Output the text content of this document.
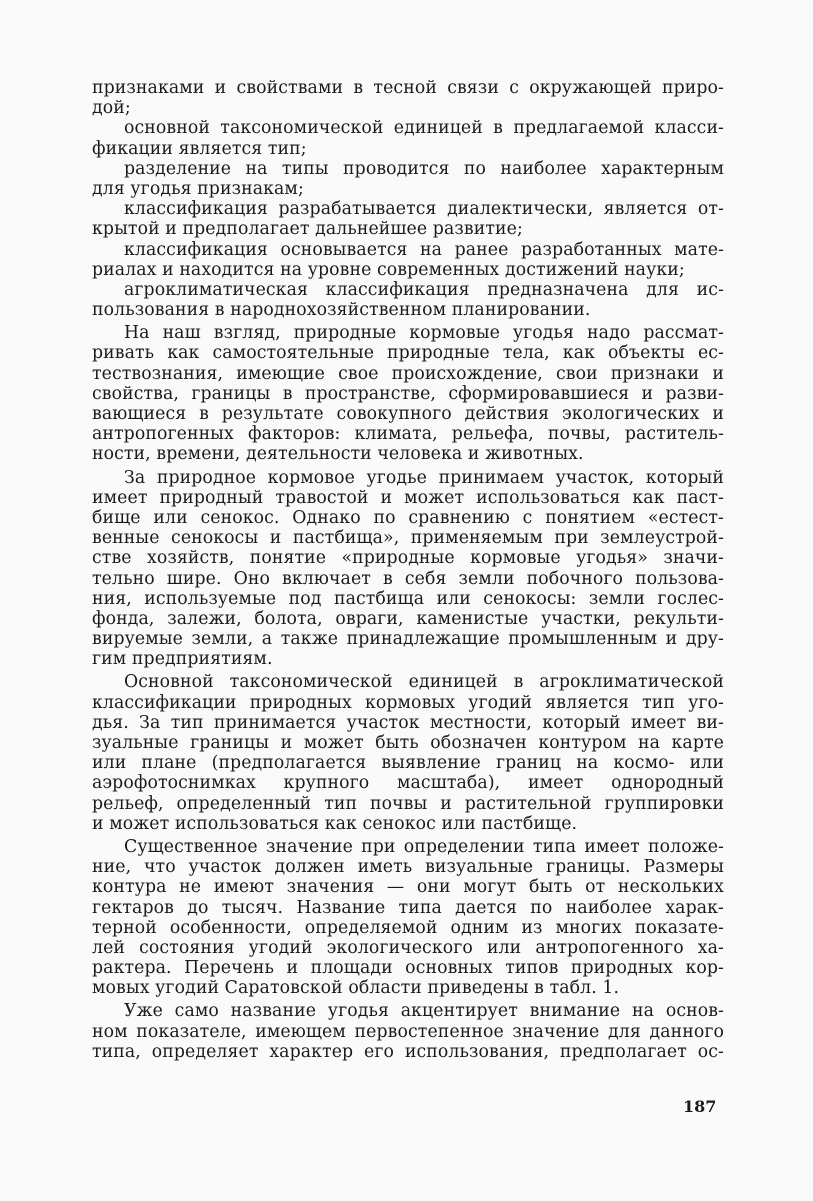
признаками и свойствами в тесной связи с окружающей приро-
дой;
основной таксономической единицей в предлагаемой класси-
фикации является тип;
разделение на типы проводится по наиболее характерным
для угодья признакам;
классификация разрабатывается диалектически, является от-
крытой и предполагает дальнейшее развитие;
классификация основывается на ранее разработанных мате-
риалах и находится на уровне современных достижений науки;
агроклиматическая классификация предназначена для ис-
пользования в народнохозяйственном планировании.
На наш взгляд, природные кормовые угодья надо рассмат-
ривать как самостоятельные природные тела, как объекты ес-
тествознания, имеющие свое происхождение, свои признаки и
свойства, границы в пространстве, сформировавшиеся и разви-
вающиеся в результате совокупного действия экологических и
антропогенных факторов: климата, рельефа, почвы, раститель-
ности, времени, деятельности человека и животных.
За природное кормовое угодье принимаем участок, который
имеет природный травостой и может использоваться как паст-
бище или сенокос. Однако по сравнению с понятием «естест-
венные сенокосы и пастбища», применяемым при землеустрой-
стве хозяйств, понятие «природные кормовые угодья» значи-
тельно шире. Оно включает в себя земли побочного пользова-
ния, используемые под пастбища или сенокосы: земли гослес-
фонда, залежи, болота, овраги, каменистые участки, рекульти-
вируемые земли, а также принадлежащие промышленным и дру-
гим предприятиям.
Основной таксономической единицей в агроклиматической
классификации природных кормовых угодий является тип уго-
дья. За тип принимается участок местности, который имеет ви-
зуальные границы и может быть обозначен контуром на карте
или плане (предполагается выявление границ на космо- или
аэрофотоснимках крупного масштаба), имеет однородный
рельеф, определенный тип почвы и растительной группировки
и может использоваться как сенокос или пастбище.
Существенное значение при определении типа имеет положе-
ние, что участок должен иметь визуальные границы. Размеры
контура не имеют значения — они могут быть от нескольких
гектаров до тысяч. Название типа дается по наиболее харак-
терной особенности, определяемой одним из многих показате-
лей состояния угодий экологического или антропогенного ха-
рактера. Перечень и площади основных типов природных кор-
мовых угодий Саратовской области приведены в табл. 1.
Уже само название угодья акцентирует внимание на основ-
ном показателе, имеющем первостепенное значение для данного
типа, определяет характер его использования, предполагает ос-
187
